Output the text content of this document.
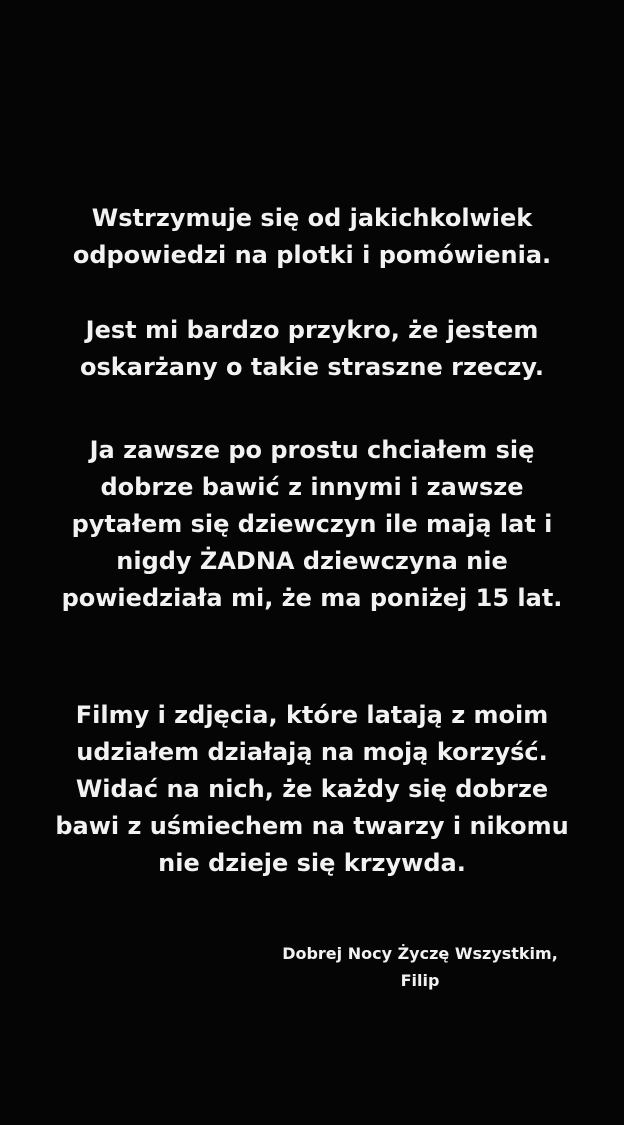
Wstrzymuje się od jakichkolwiek
odpowiedzi na plotki i pomówienia.
Jest mi bardzo przykro, że jestem
oskarżany o takie straszne rzeczy.
Ja zawsze po prostu chciałem się
dobrze bawić z innymi i zawsze
pytałem się dziewczyn ile mają lat i
nigdy ŻADNA dziewczyna nie
powiedziała mi, że ma poniżej 15 lat.
Filmy i zdjęcia, które latają z moim
udziałem działają na moją korzyść.
Widać na nich, że każdy się dobrze
bawi z uśmiechem na twarzy i nikomu
nie dzieje się krzywda.
Dobrej Nocy Życzę Wszystkim,
Filip
